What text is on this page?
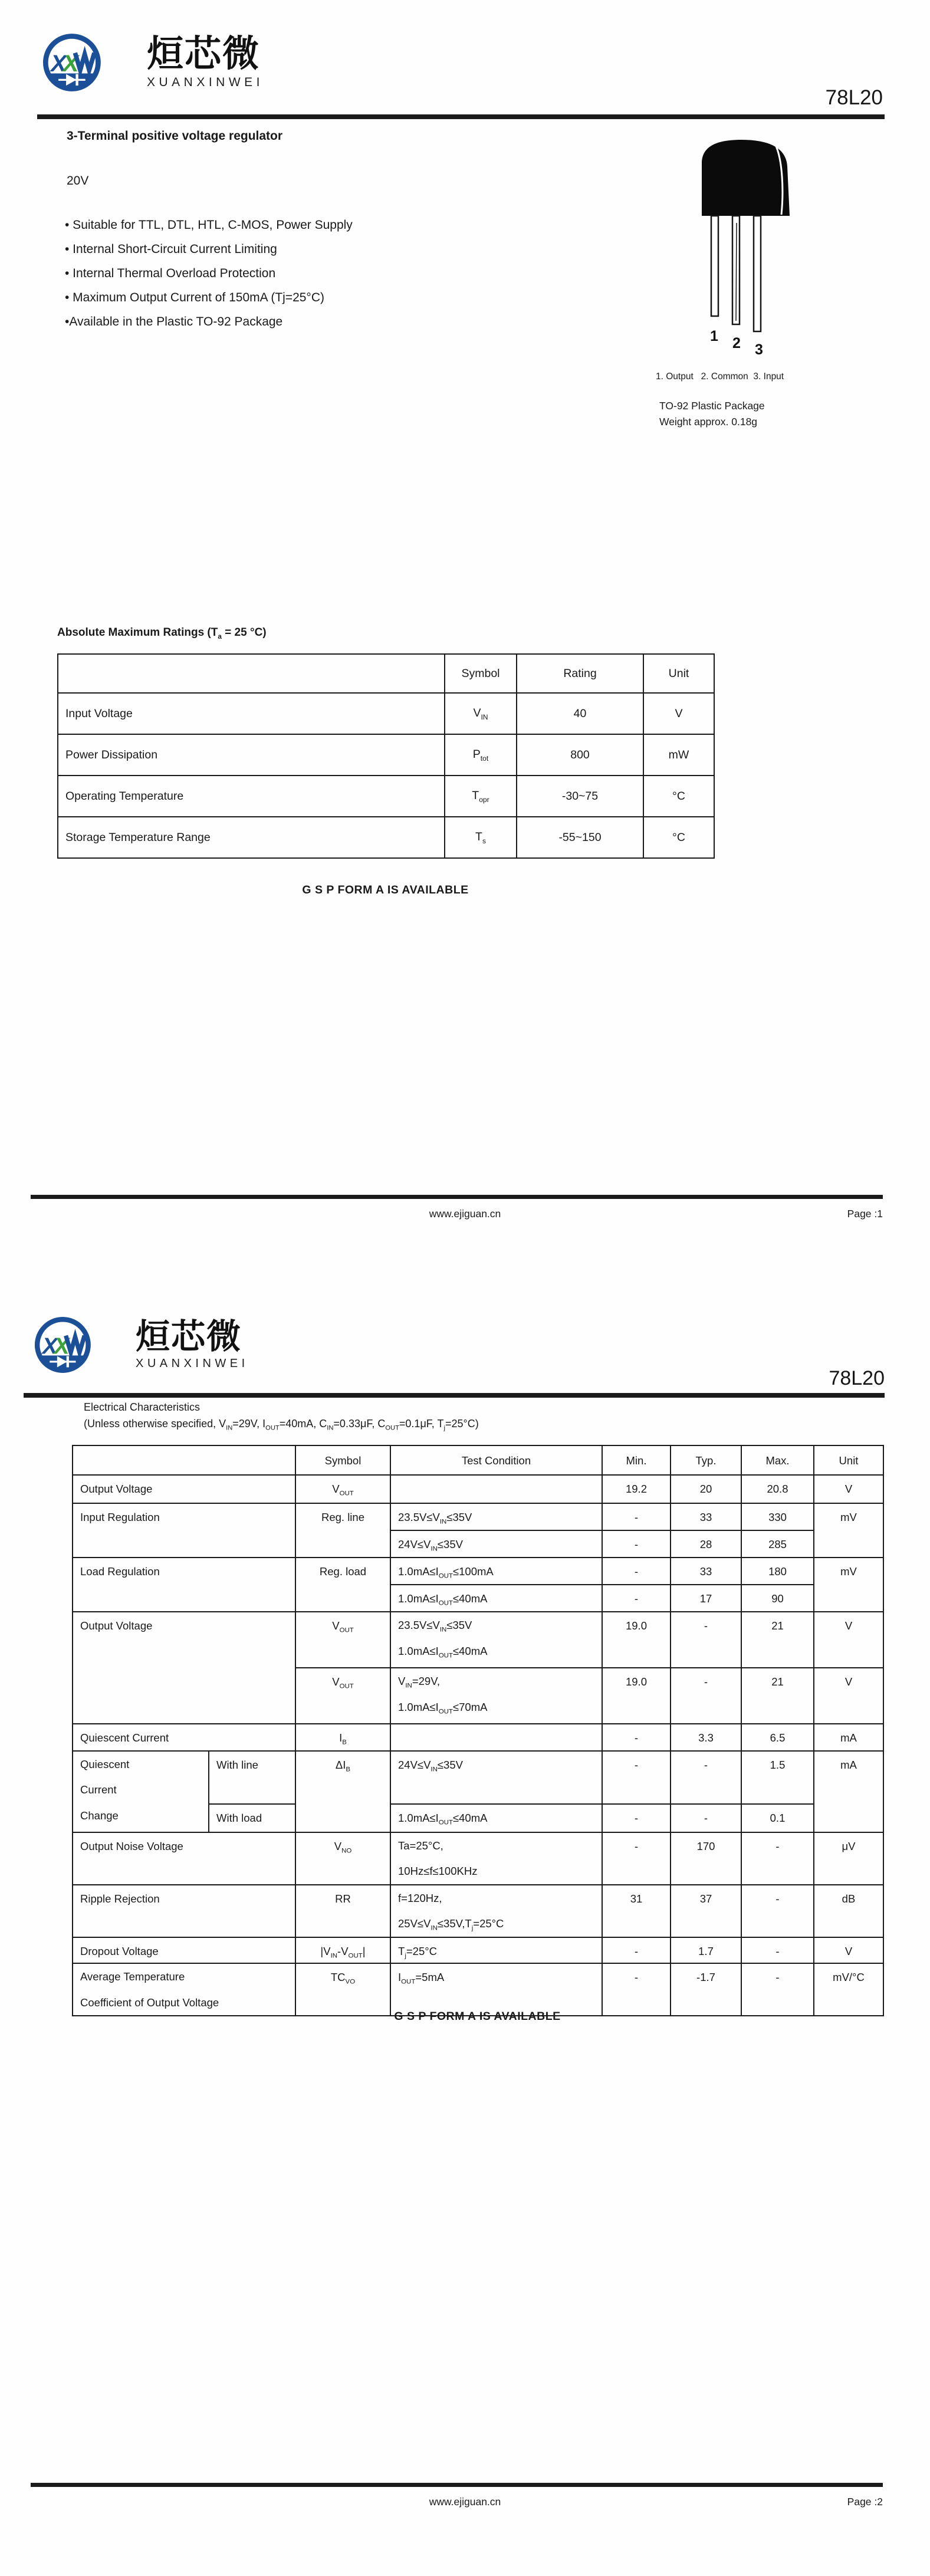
X
X 烜芯微
XUANXINWEI
78L20
3-Terminal positive voltage regulator
20V
• Suitable for TTL, DTL, HTL, C-MOS, Power Supply
• Internal Short-Circuit Current Limiting
• Internal Thermal Overload Protection
• Maximum Output Current of 150mA (Tj=25°C)
•Available in the Plastic TO-92 Package
1 2 3
1. Output   2. Common  3. Input
TO-92 Plastic Package
Weight approx. 0.18g
Absolute Maximum Ratings ($T_a = 25$ °C)
	Symbol	Rating	Unit
Input Voltage	$V_{IN}$	40	V
Power Dissipation	$P_{tot}$	800	mW
Operating Temperature	$T_{opr}$	-30~75	°C
Storage Temperature Range	$T_s$	-55~150	°C
G S P FORM A IS AVAILABLE
www.ejiguan.cn	Page :1
X
X 烜芯微
XUANXINWEI
78L20
Electrical Characteristics
(Unless otherwise specified, $V_{IN}=29V$, $I_{OUT}=40mA$, $C_{IN}=0.33\mu F$, $C_{OUT}=0.1\mu F$, $T_j=25^\circ C$)
		Symbol	Test Condition	Min.	Typ.	Max.	Unit
Output Voltage		$V_{OUT}$		19.2	20	20.8	V
Input Regulation		Reg. line	$23.5V\le V_{IN}\le 35V$	-	33	330	mV
			$24V\le V_{IN}\le 35V$	-	28	285	
Load Regulation		Reg. load	$1.0mA\le I_{OUT}\le 100mA$	-	33	180	mV
			$1.0mA\le I_{OUT}\le 40mA$	-	17	90	
Output Voltage		$V_{OUT}$	$23.5V\le V_{IN}\le 35V$
$1.0mA\le I_{OUT}\le 40mA$	19.0	-	21	V
		$V_{OUT}$	$V_{IN}=29V$,
$1.0mA\le I_{OUT}\le 70mA$	19.0	-	21	V
Quiescent Current		$I_B$		-	3.3	6.5	mA
Quiescent
Current
Change	With line	$\Delta I_B$	$24V\le V_{IN}\le 35V$	-	-	1.5	mA
	With load		$1.0mA\le I_{OUT}\le 40mA$	-	-	0.1	
Output Noise Voltage		$V_{NO}$	Ta=25°C,
10Hz≤f≤100KHz	-	170	-	μV
Ripple Rejection		RR	f=120Hz,
$25V\le V_{IN}\le 35V,T_j=25^\circ C$	31	37	-	dB
Dropout Voltage		$|V_{IN}-V_{OUT}|$	$T_j=25^\circ C$	-	1.7	-	V
Average Temperature
Coefficient of Output Voltage		$TC_{VO}$	$I_{OUT}=5mA$	-	-1.7	-	mV/°C
G S P FORM A IS AVAILABLE
www.ejiguan.cn	Page :2
